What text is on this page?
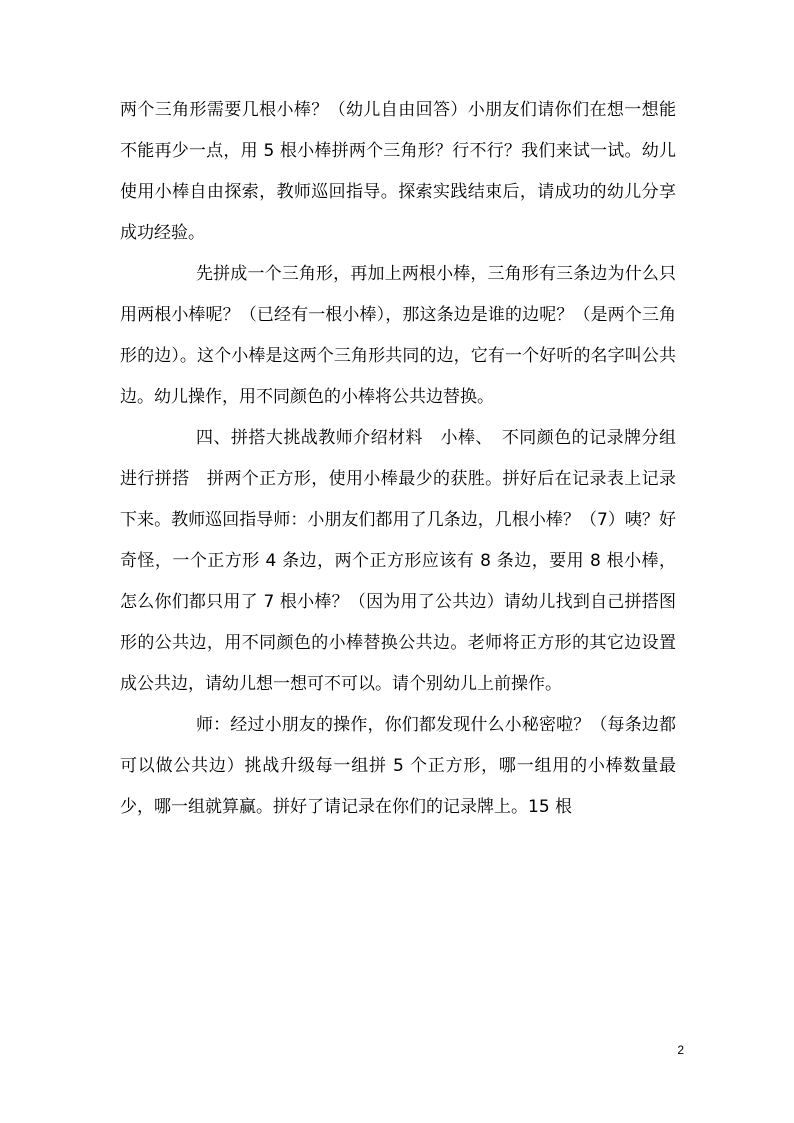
两个三角形需要几根小棒？（幼儿自由回答）小朋友们请你们在想一想能不能再少一点，用 5 根小棒拼两个三角形？行不行？我们来试一试。幼儿使用小棒自由探索，教师巡回指导。探索实践结束后，请成功的幼儿分享成功经验。

先拼成一个三角形，再加上两根小棒，三角形有三条边为什么只用两根小棒呢？（已经有一根小棒），那这条边是谁的边呢？（是两个三角形的边）。这个小棒是这两个三角形共同的边，它有一个好听的名字叫公共边。幼儿操作，用不同颜色的小棒将公共边替换。

四、拼搭大挑战教师介绍材料　小棒、　不同颜色的记录牌分组进行拼搭　拼两个正方形，使用小棒最少的获胜。拼好后在记录表上记录下来。教师巡回指导师：小朋友们都用了几条边，几根小棒？（7）咦？好奇怪，一个正方形 4 条边，两个正方形应该有 8 条边，要用 8 根小棒，怎么你们都只用了 7 根小棒？（因为用了公共边）请幼儿找到自己拼搭图形的公共边，用不同颜色的小棒替换公共边。老师将正方形的其它边设置成公共边，请幼儿想一想可不可以。请个别幼儿上前操作。

师：经过小朋友的操作，你们都发现什么小秘密啦？（每条边都可以做公共边）挑战升级每一组拼 5 个正方形，哪一组用的小棒数量最少，哪一组就算赢。拼好了请记录在你们的记录牌上。15 根

2
